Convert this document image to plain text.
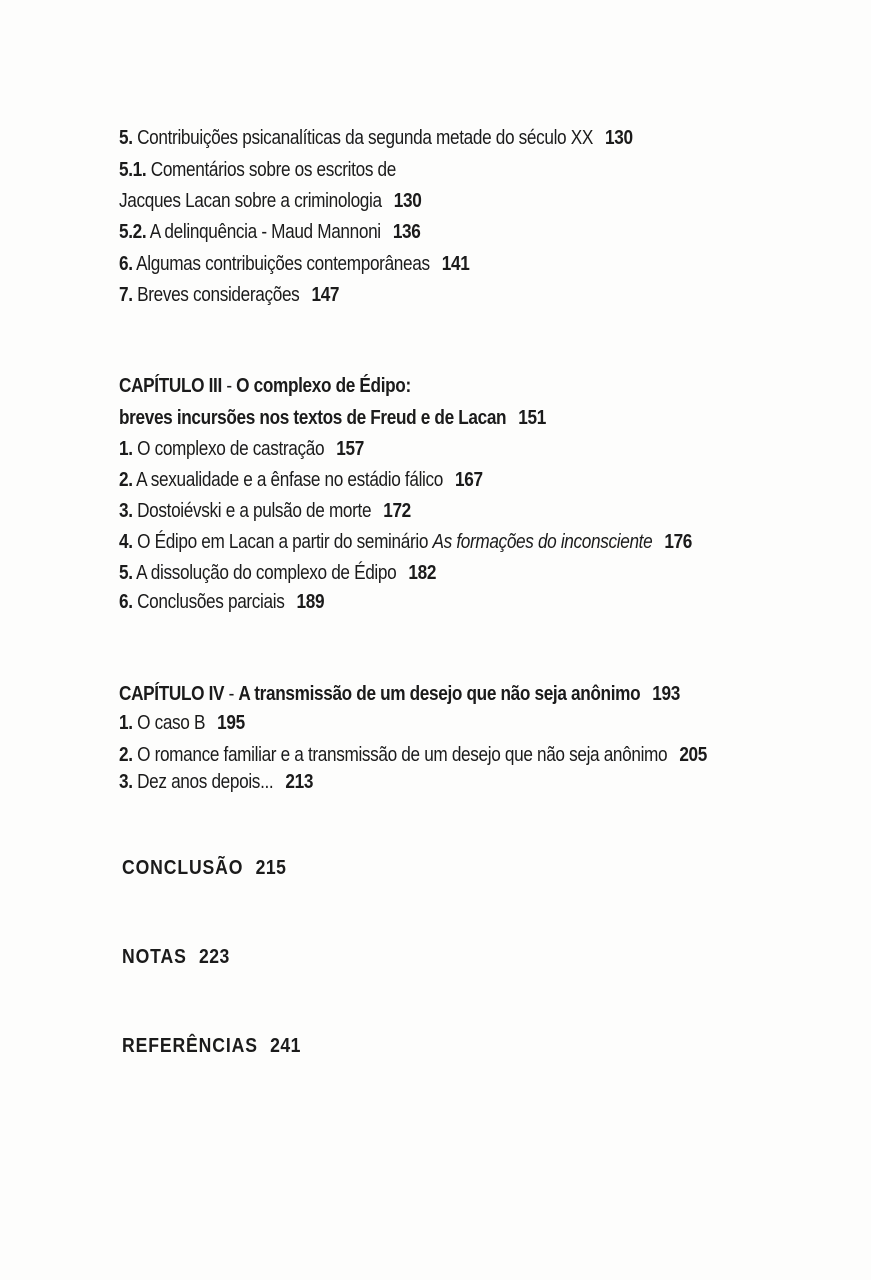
5. Contribuições psicanalíticas da segunda metade do século XX 130

5.1. Comentários sobre os escritos de

Jacques Lacan sobre a criminologia 130

5.2. A delinquência - Maud Mannoni 136

6. Algumas contribuições contemporâneas 141

7. Breves considerações 147

CAPÍTULO III - O complexo de Édipo:

breves incursões nos textos de Freud e de Lacan 151

1. O complexo de castração 157

2. A sexualidade e a ênfase no estádio fálico 167

3. Dostoiévski e a pulsão de morte 172

4. O Édipo em Lacan a partir do seminário As formações do inconsciente 176

5. A dissolução do complexo de Édipo 182

6. Conclusões parciais 189

CAPÍTULO IV - A transmissão de um desejo que não seja anônimo 193

1. O caso B 195

2. O romance familiar e a transmissão de um desejo que não seja anônimo 205

3. Dez anos depois... 213

CONCLUSÃO 215

NOTAS 223

REFERÊNCIAS 241
